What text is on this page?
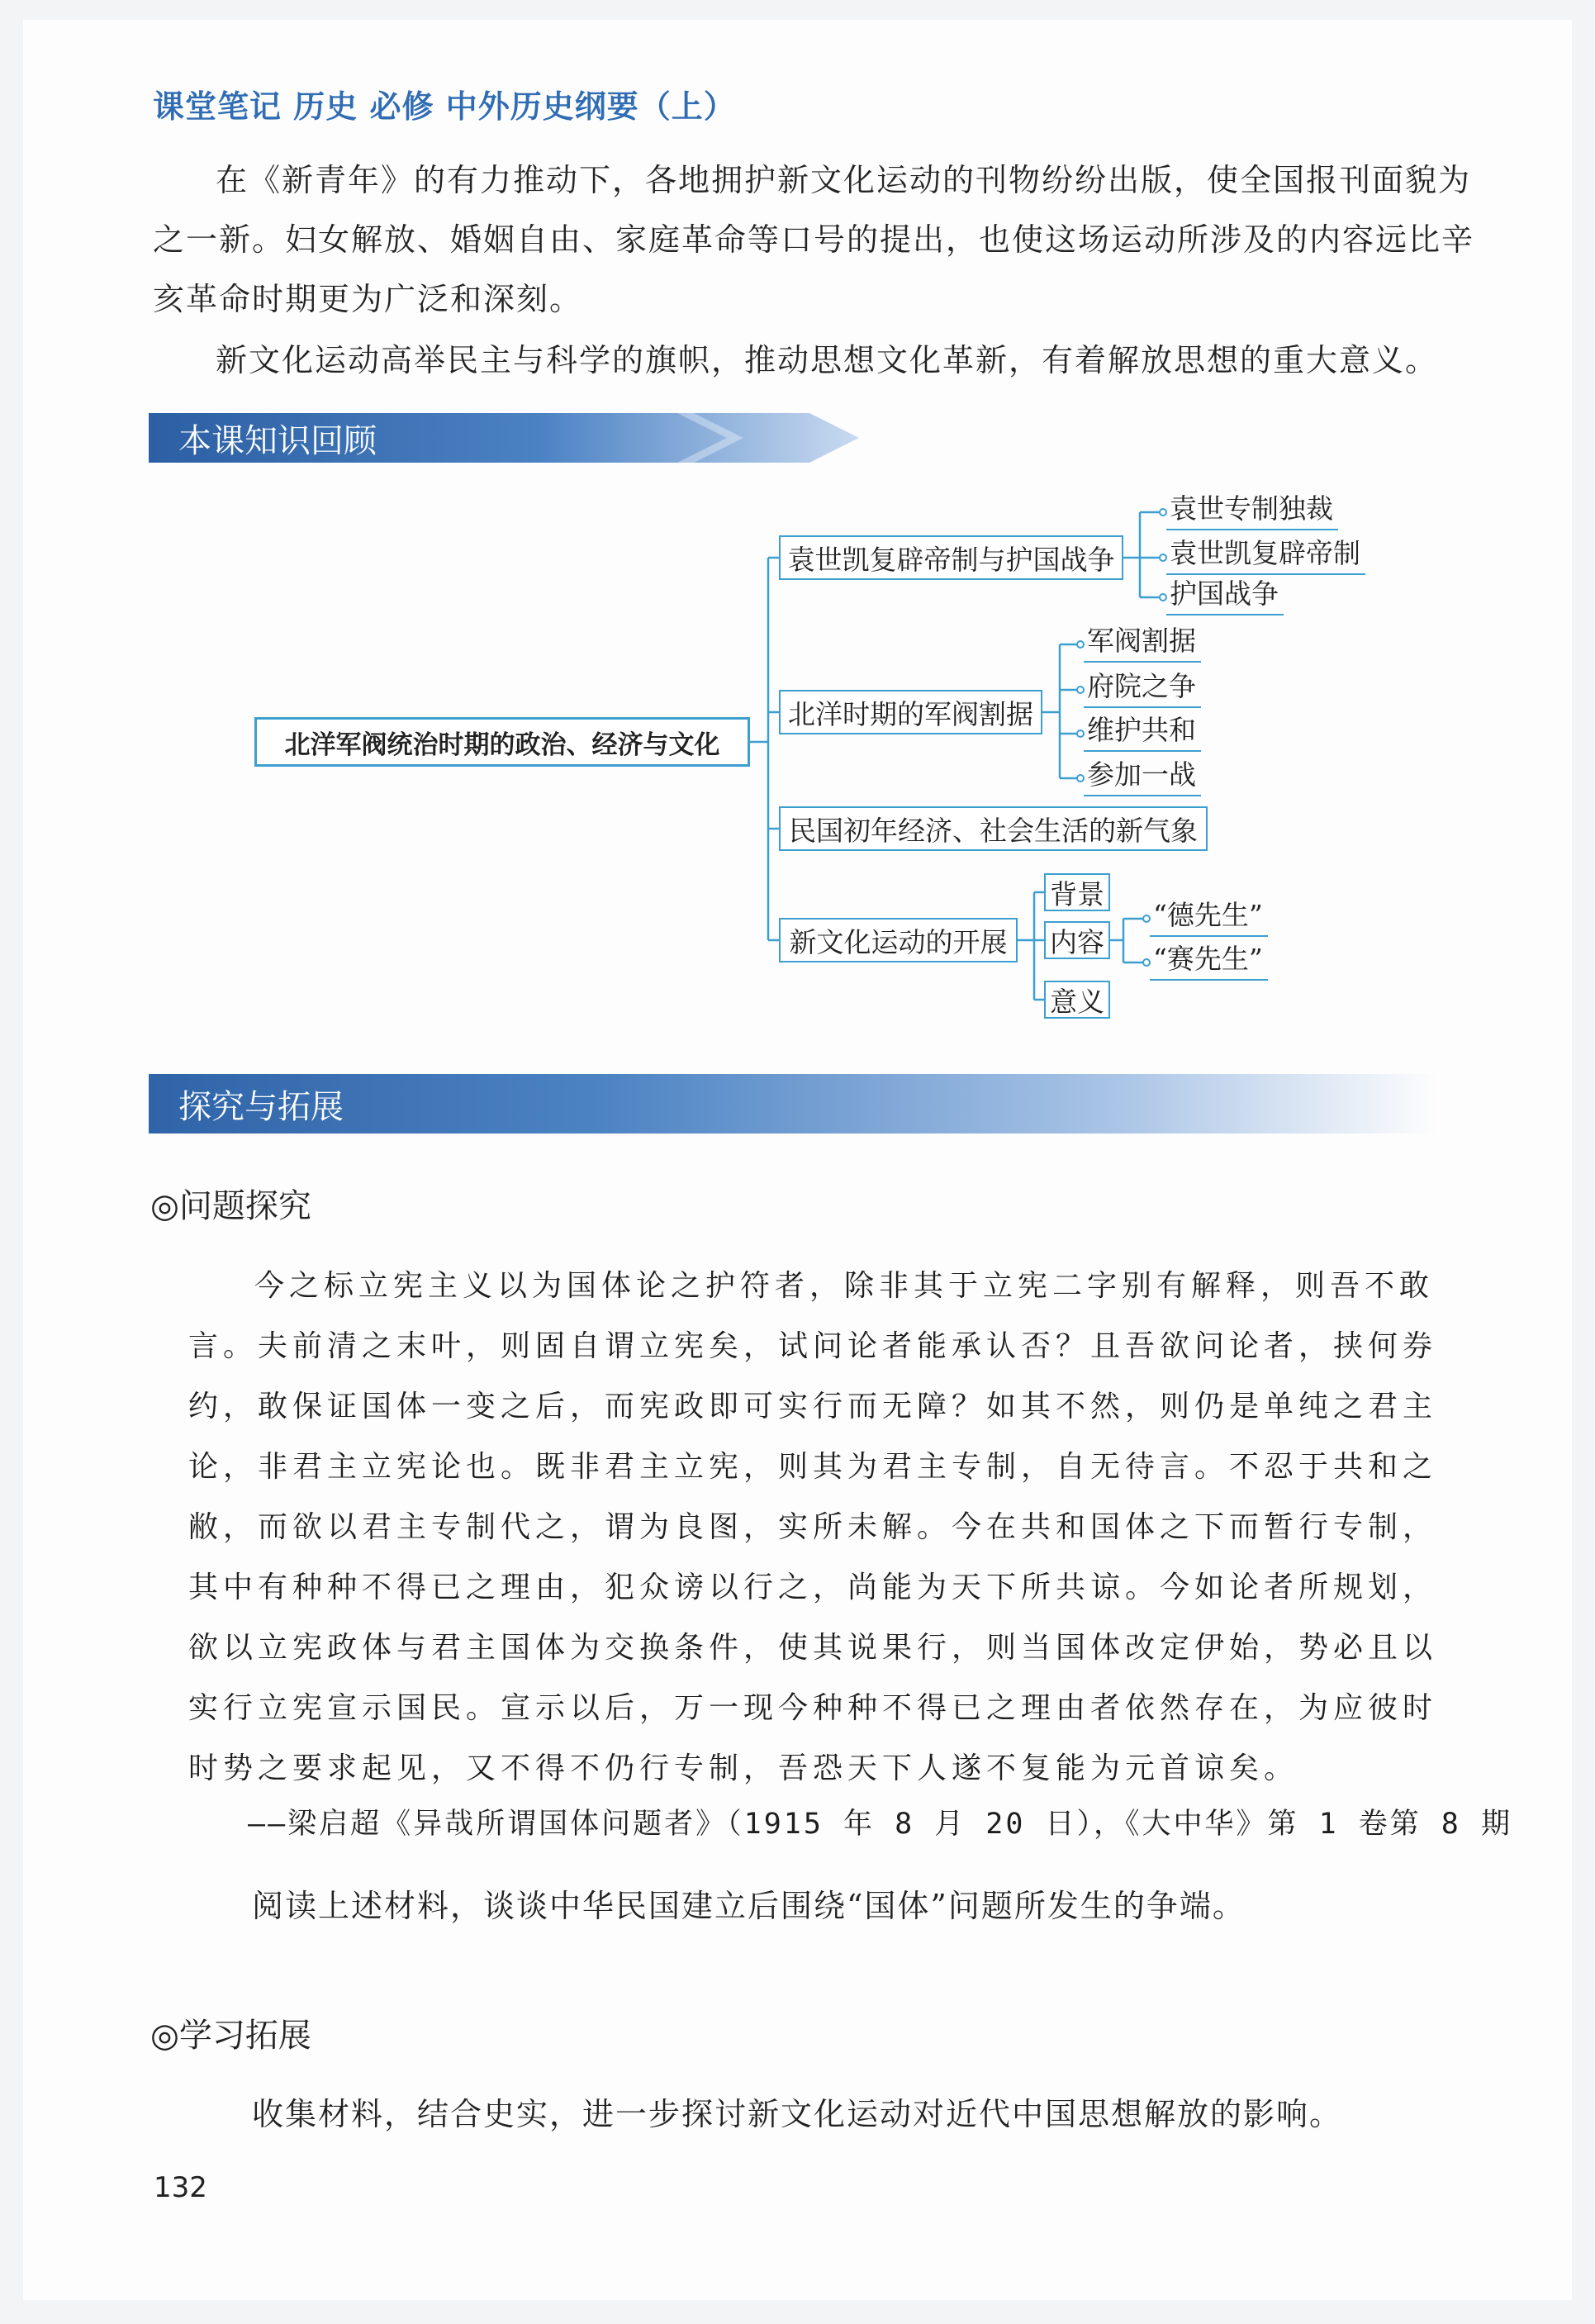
课堂笔记 历史 必修 中外历史纲要（上）

在《新青年》的有力推动下，各地拥护新文化运动的刊物纷纷出版，使全国报刊面貌为之一新。妇女解放、婚姻自由、家庭革命等口号的提出，也使这场运动所涉及的内容远比辛亥革命时期更为广泛和深刻。

新文化运动高举民主与科学的旗帜，推动思想文化革新，有着解放思想的重大意义。

本课知识回顾
北洋军阀统治时期的政治、经济与文化
袁世凯复辟帝制与护国战争
袁世专制独裁
袁世凯复辟帝制
护国战争
北洋时期的军阀割据
军阀割据
府院之争
维护共和
参加一战
民国初年经济、社会生活的新气象
新文化运动的开展
背景
内容
意义
“德先生”
“赛先生”
探究与拓展
◎问题探究

今之标立宪主义以为国体论之护符者，除非其于立宪二字别有解释，则吾不敢言。夫前清之末叶，则固自谓立宪矣，试问论者能承认否？且吾欲问论者，挟何券约，敢保证国体一变之后，而宪政即可实行而无障？如其不然，则仍是单纯之君主论，非君主立宪论也。既非君主立宪，则其为君主专制，自无待言。不忍于共和之敝，而欲以君主专制代之，谓为良图，实所未解。今在共和国体之下而暂行专制，其中有种种不得已之理由，犯众谤以行之，尚能为天下所共谅。今如论者所规划，欲以立宪政体与君主国体为交换条件，使其说果行，则当国体改定伊始，势必且以实行立宪宣示国民。宣示以后，万一现今种种不得已之理由者依然存在，为应彼时时势之要求起见，又不得不仍行专制，吾恐天下人遂不复能为元首谅矣。

——梁启超《异哉所谓国体问题者》（1915 年 8 月 20 日），《大中华》第 1 卷第 8 期
阅读上述材料，谈谈中华民国建立后围绕“国体”问题所发生的争端。
◎学习拓展
收集材料，结合史实，进一步探讨新文化运动对近代中国思想解放的影响。
132
